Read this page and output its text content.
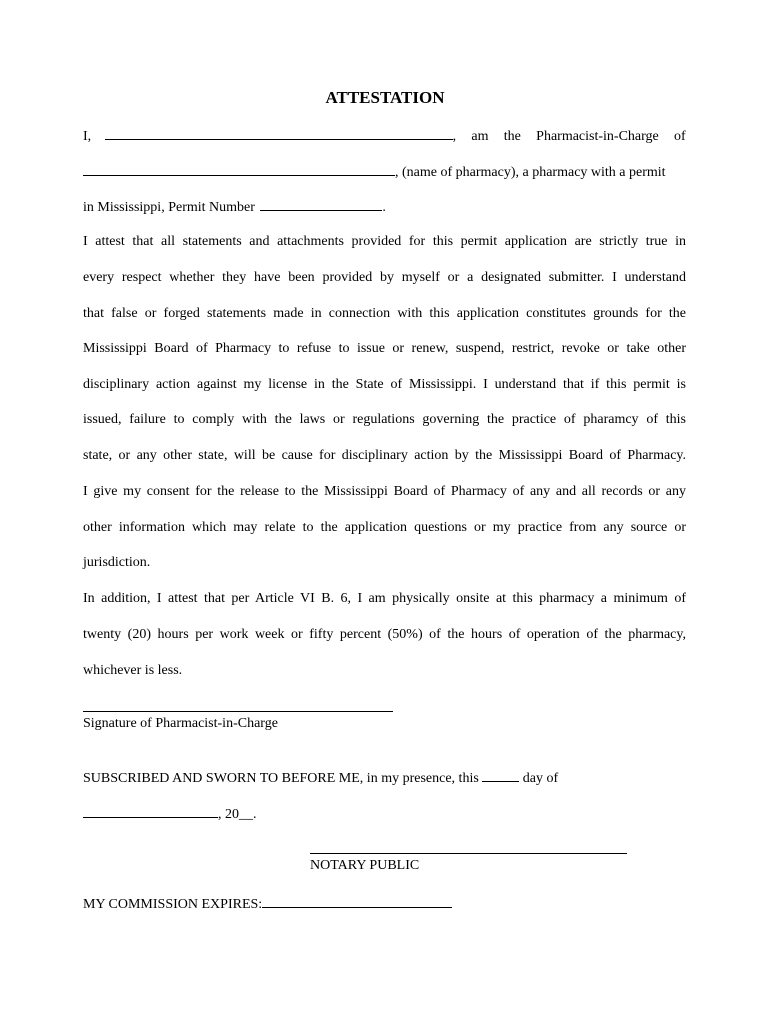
ATTESTATION
I,	, am the Pharmacist-in-Charge of
, (name of pharmacy), a pharmacy with a permit
in Mississippi, Permit Number	.
I attest that all statements and attachments provided for this permit application are strictly true in
every respect whether they have been provided by myself or a designated submitter. I understand
that false or forged statements made in connection with this application constitutes grounds for the
Mississippi Board of Pharmacy to refuse to issue or renew, suspend, restrict, revoke or take other
disciplinary action against my license in the State of Mississippi. I understand that if this permit is
issued, failure to comply with the laws or regulations governing the practice of pharamcy of this
state, or any other state, will be cause for disciplinary action by the Mississippi Board of Pharmacy.
I give my consent for the release to the Mississippi Board of Pharmacy of any and all records or any
other information which may relate to the application questions or my practice from any source or
jurisdiction.
In addition, I attest that per Article VI B. 6, I am physically onsite at this pharmacy a minimum of
twenty (20) hours per work week or fifty percent (50%) of the hours of operation of the pharmacy,
whichever is less.
Signature of Pharmacist-in-Charge
SUBSCRIBED AND SWORN TO BEFORE ME, in my presence, this	day of
, 20__.
NOTARY PUBLIC
MY COMMISSION EXPIRES:
